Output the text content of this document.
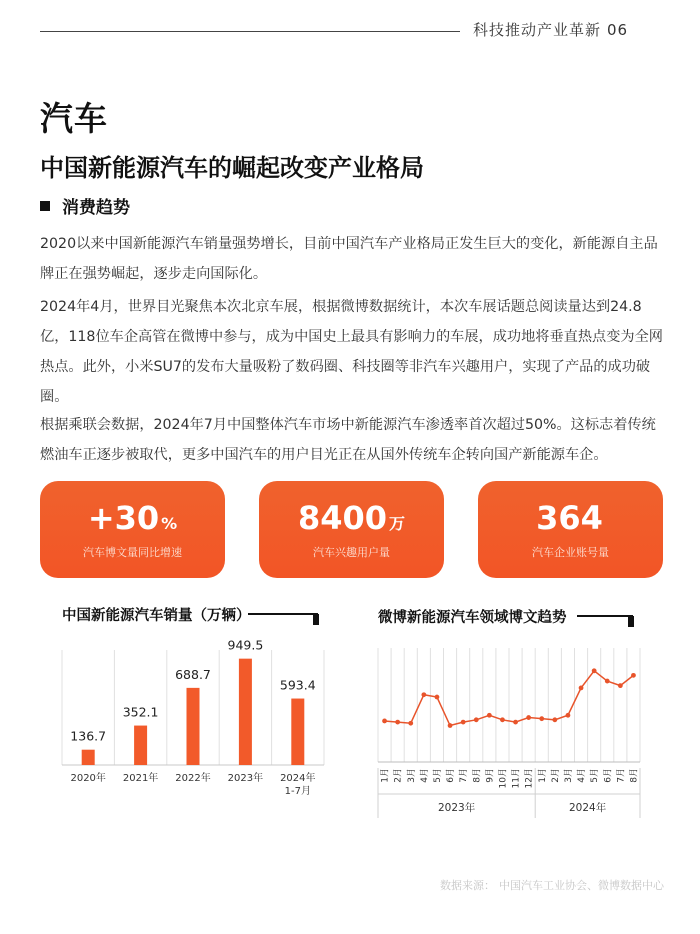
科技推动产业革新 06
汽车
中国新能源汽车的崛起改变产业格局
消费趋势

2020以来中国新能源汽车销量强势增长，目前中国汽车产业格局正发生巨大的变化，新能源自主品牌正在强势崛起，逐步走向国际化。

2024年4月，世界目光聚焦本次北京车展，根据微博数据统计，本次车展话题总阅读量达到24.8亿，118位车企高管在微博中参与，成为中国史上最具有影响力的车展，成功地将垂直热点变为全网热点。此外，小米SU7的发布大量吸粉了数码圈、科技圈等非汽车兴趣用户，实现了产品的成功破圈。

根据乘联会数据，2024年7月中国整体汽车市场中新能源汽车渗透率首次超过50%。这标志着传统燃油车正逐步被取代，更多中国汽车的用户目光正在从国外传统车企转向国产新能源车企。

+30 %
汽车博文量同比增速
8400 万
汽车兴趣用户量
364
汽车企业账号量
中国新能源汽车销量（万辆）
136.7
2020年
352.1
2021年
688.7
2022年
949.5
2023年
593.4
2024年
1-7月
微博新能源汽车领域博文趋势
1月 2月 3月 4月 5月 6月 7月 8月 9月 10月 11月 12月 1月 2月 3月 4月 5月 6月 7月 8月
2023年	2024年
数据来源： 中国汽车工业协会、微博数据中心
